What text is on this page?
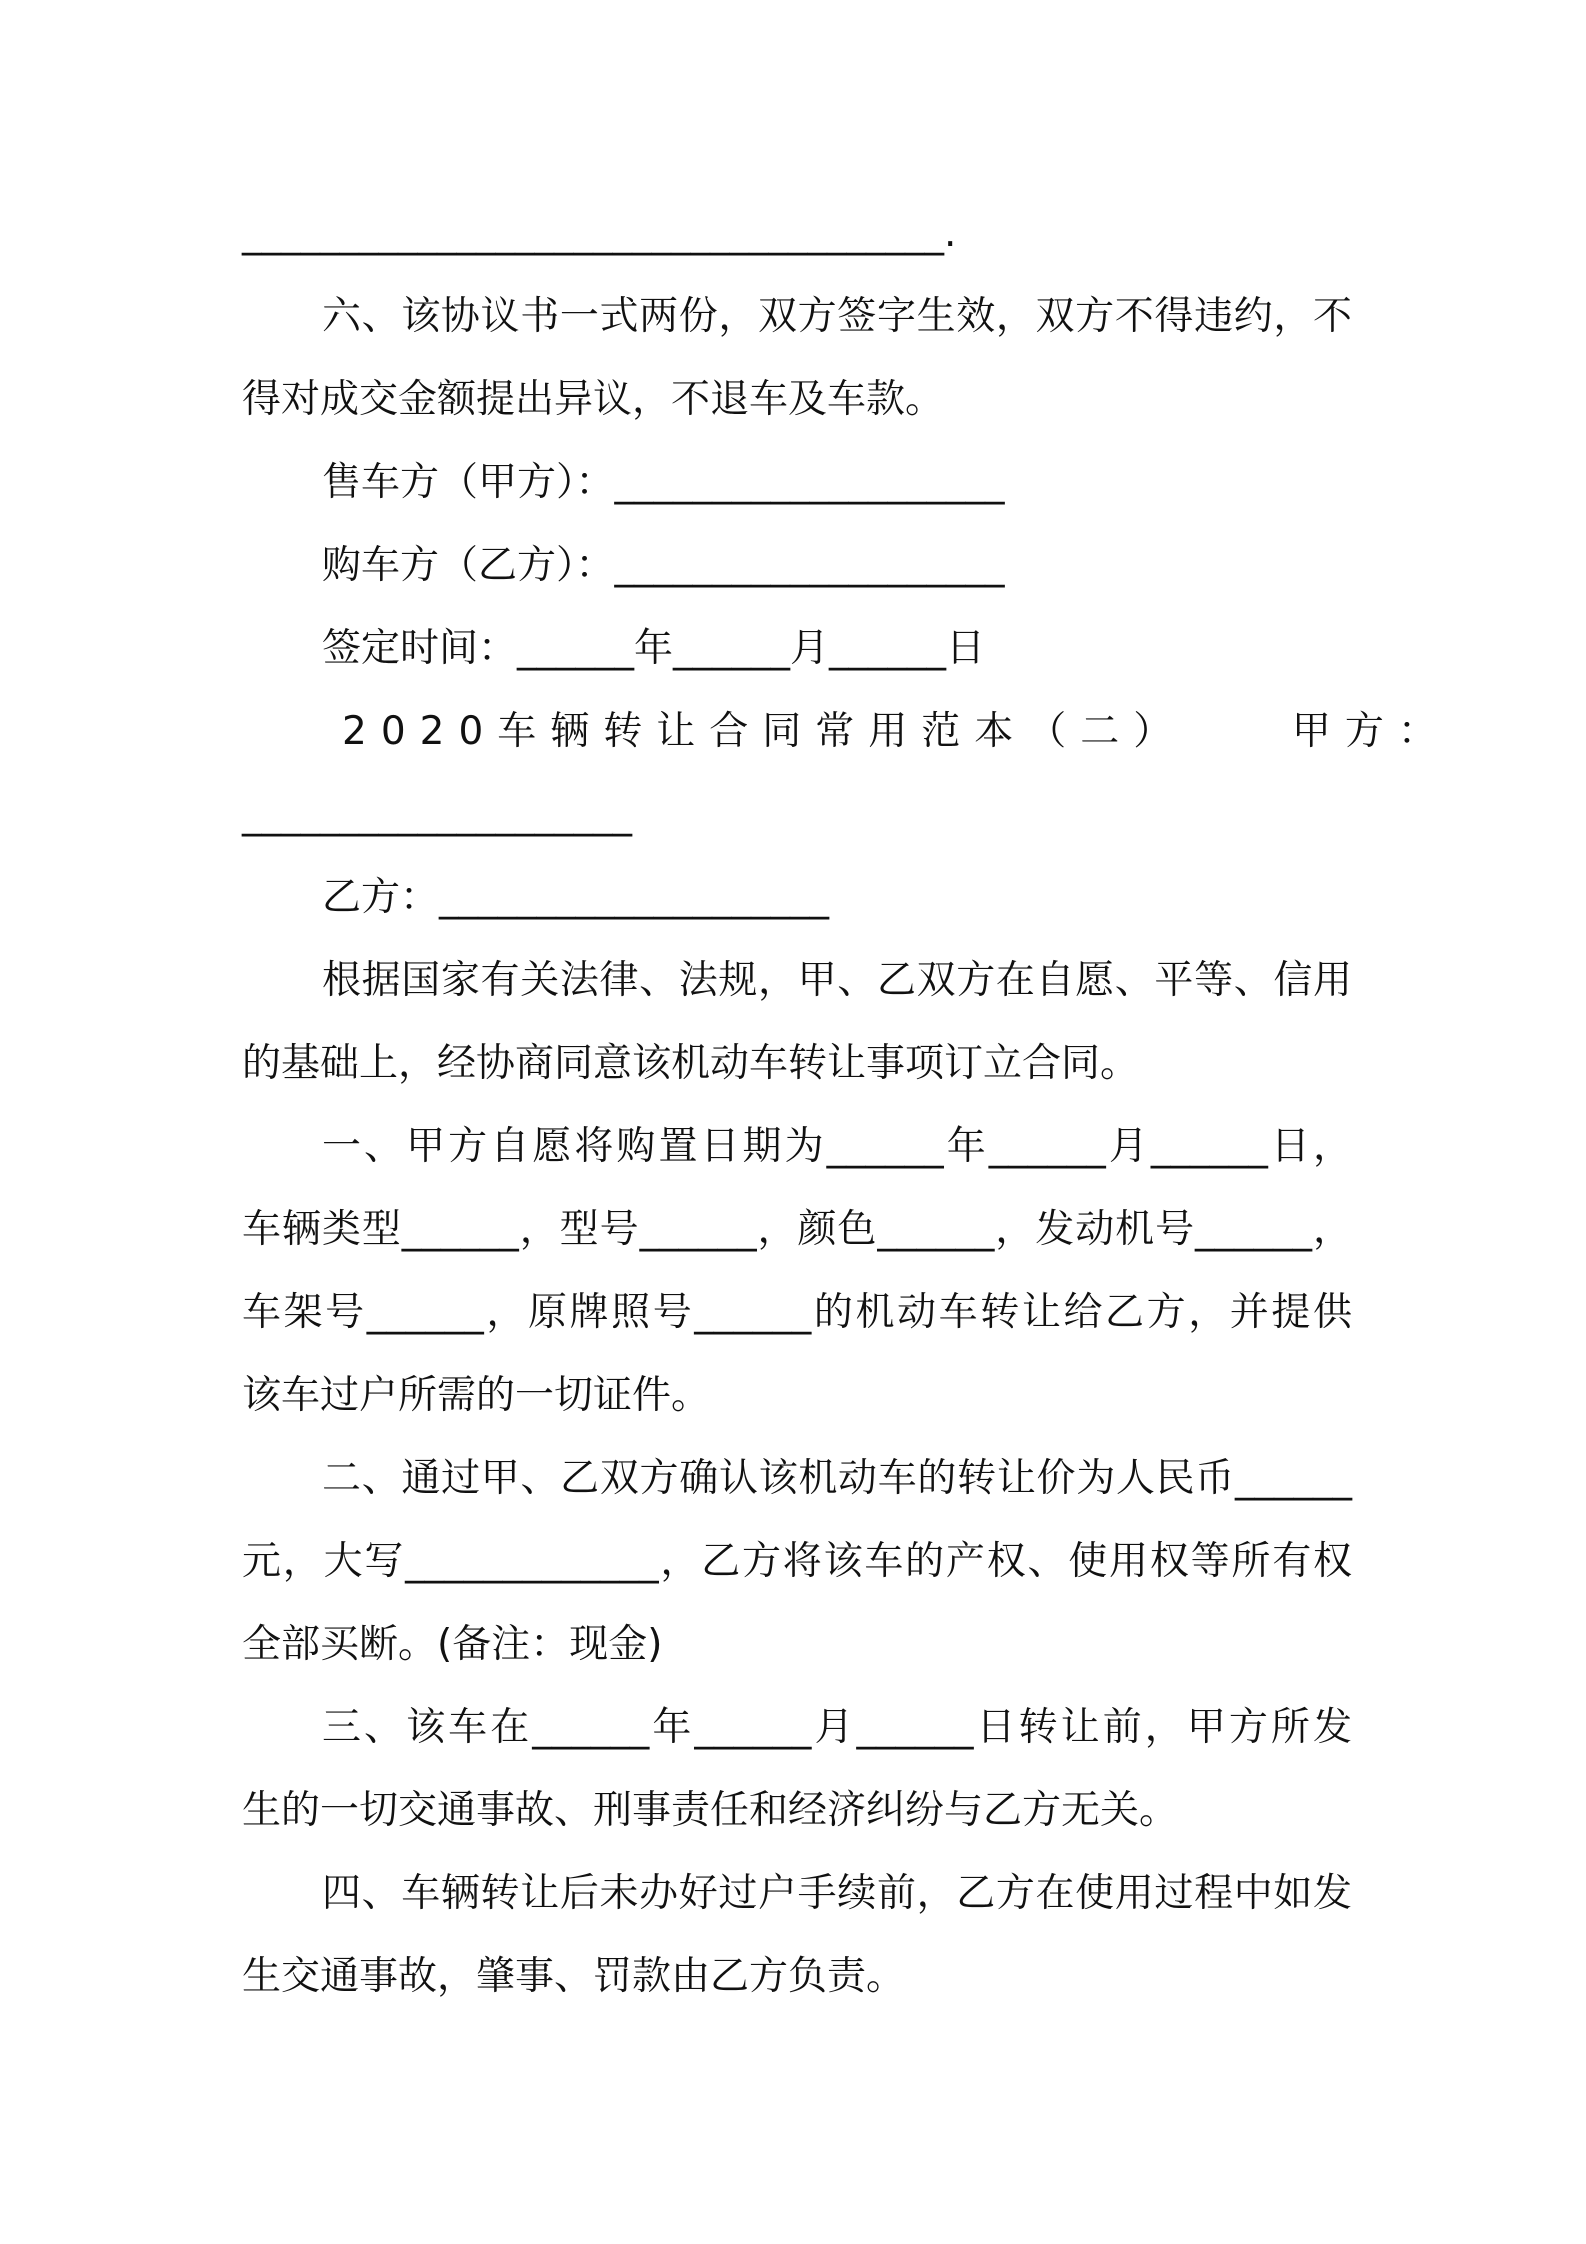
____________________________________.
六、该协议书一式两份，双方签字生效，双方不得违约，不
得对成交金额提出异议，不退车及车款。
售车方（甲方）：____________________
购车方（乙方）：____________________
签定时间：______年______月______日
2020车辆转让合同常用范本（二）    甲方：
____________________
乙方：____________________
根据国家有关法律、法规，甲、乙双方在自愿、平等、信用
的基础上，经协商同意该机动车转让事项订立合同。
一、甲方自愿将购置日期为______年______月______日，
车辆类型______，型号______，颜色______，发动机号______，
车架号______，原牌照号______的机动车转让给乙方，并提供
该车过户所需的一切证件。
二、通过甲、乙双方确认该机动车的转让价为人民币______
元，大写_____________，乙方将该车的产权、使用权等所有权
全部买断。(备注：现金)
三、该车在______年______月______日转让前，甲方所发
生的一切交通事故、刑事责任和经济纠纷与乙方无关。
四、车辆转让后未办好过户手续前，乙方在使用过程中如发
生交通事故，肇事、罚款由乙方负责。
